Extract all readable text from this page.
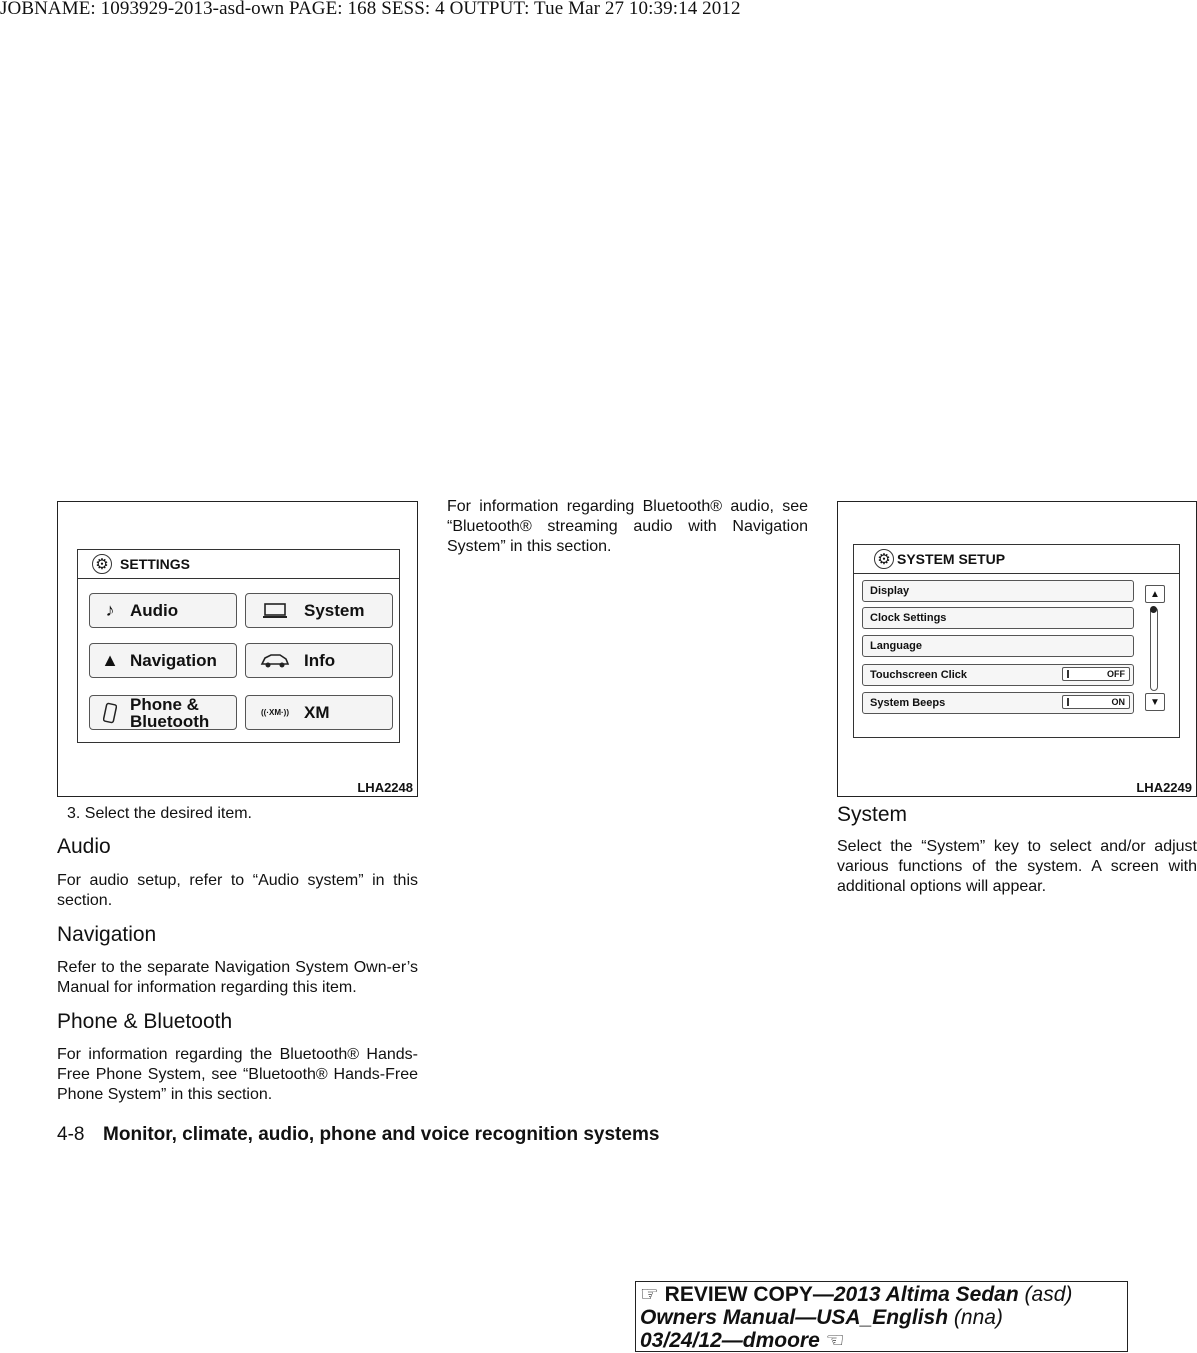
JOBNAME: 1093929-2013-asd-own PAGE: 168 SESS: 4 OUTPUT: Tue Mar 27 10:39:14 2012
⚙ SETTINGS
♪ Audio	System
▲ Navigation	Info
Phone &
Bluetooth	((·XM·)) XM
LHA2248
⚙ SYSTEM SETUP
Display
Clock Settings
Language
Touchscreen Click	OFF
System Beeps	ON
▲
▼
LHA2249
3. Select the desired item.
Audio
For audio setup, refer to “Audio system” in this section.
Navigation
Refer to the separate Navigation System Own-er’s Manual for information regarding this item.
Phone & Bluetooth
For information regarding the Bluetooth® Hands-Free Phone System, see “Bluetooth® Hands-Free Phone System” in this section.
For information regarding Bluetooth® audio, see “Bluetooth® streaming audio with Navigation System” in this section.
System
Select the “System” key to select and/or adjust various functions of the system. A screen with additional options will appear.
4-8 Monitor, climate, audio, phone and voice recognition systems
☞ REVIEW COPY—2013 Altima Sedan (asd)
Owners Manual—USA_English (nna)
03/24/12—dmoore ☜
